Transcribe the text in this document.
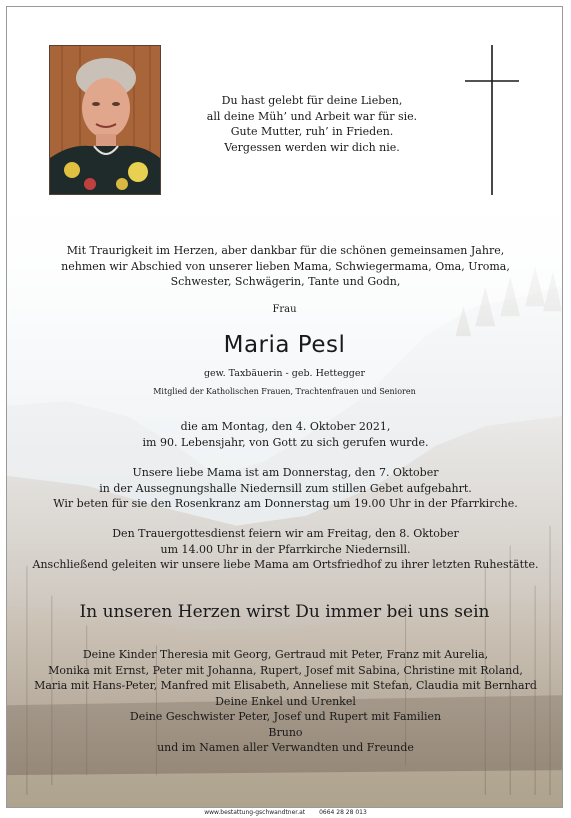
Du hast gelebt für deine Lieben,
all deine Müh’ und Arbeit war für sie.
Gute Mutter, ruh’ in Frieden.
Vergessen werden wir dich nie.
Mit Traurigkeit im Herzen, aber dankbar für die schönen gemeinsamen Jahre,
nehmen wir Abschied von unserer lieben Mama, Schwiegermama, Oma, Uroma,
Schwester, Schwägerin, Tante und Godn,
Frau
Maria Pesl
gew. Taxbäuerin - geb. Hettegger
Mitglied der Katholischen Frauen, Trachtenfrauen und Senioren
die am Montag, den 4. Oktober 2021,
im 90. Lebensjahr, von Gott zu sich gerufen wurde.
Unsere liebe Mama ist am Donnerstag, den 7. Oktober
in der Aussegnungshalle Niedernsill zum stillen Gebet aufgebahrt.
Wir beten für sie den Rosenkranz am Donnerstag um 19.00 Uhr in der Pfarrkirche.
Den Trauergottesdienst feiern wir am Freitag, den 8. Oktober
um 14.00 Uhr in der Pfarrkirche Niedernsill.
Anschließend geleiten wir unsere liebe Mama am Ortsfriedhof zu ihrer letzten Ruhestätte.
In unseren Herzen wirst Du immer bei uns sein
Deine Kinder Theresia mit Georg, Gertraud mit Peter, Franz mit Aurelia,
Monika mit Ernst, Peter mit Johanna, Rupert, Josef mit Sabina, Christine mit Roland,
Maria mit Hans-Peter, Manfred mit Elisabeth, Anneliese mit Stefan, Claudia mit Bernhard
Deine Enkel und Urenkel
Deine Geschwister Peter, Josef und Rupert mit Familien
Bruno
und im Namen aller Verwandten und Freunde
www.bestattung-gschwandtner.at 0664 28 28 013
